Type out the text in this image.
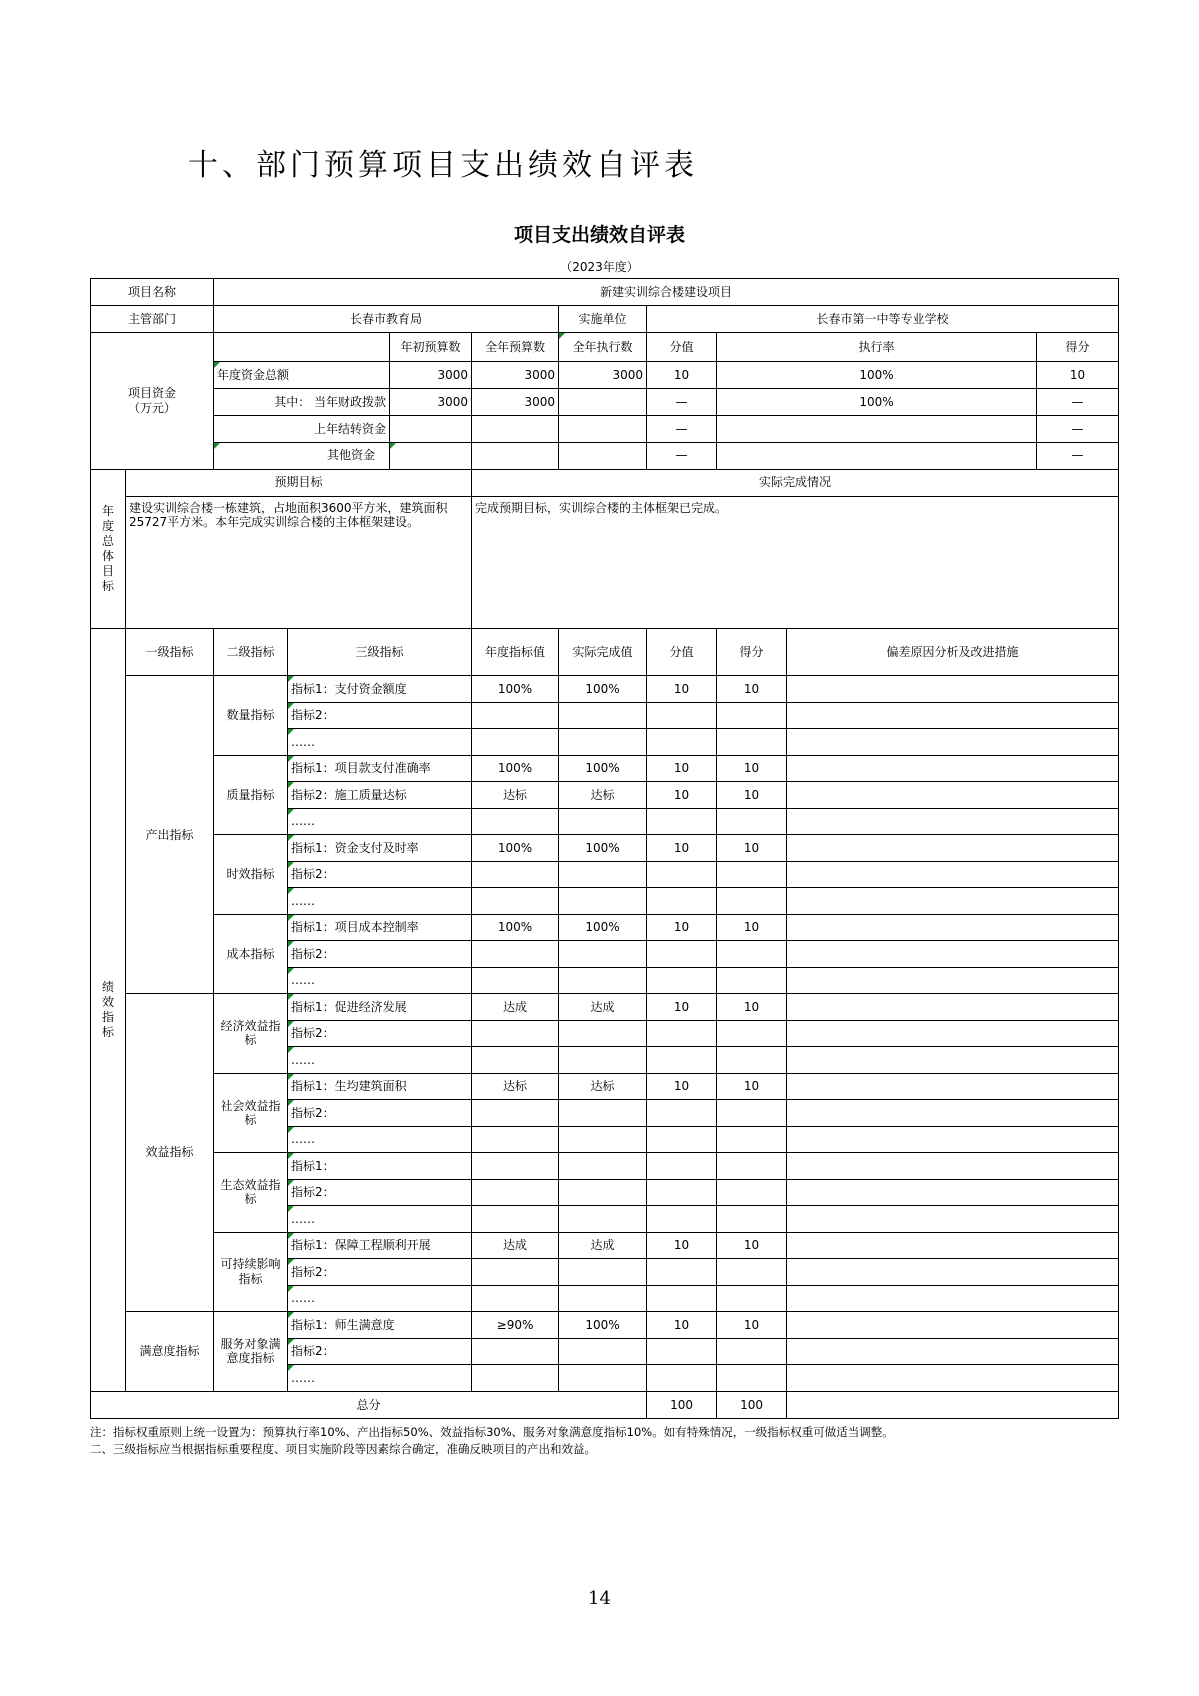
十、部门预算项目支出绩效自评表
项目支出绩效自评表
（2023年度）
项目名称		新建实训综合楼建设项目								
主管部门		长春市教育局				实施单位	长春市第一中等专业学校			

项目资金
（万元）				年初预算数	全年预算数	全年执行数	分值	执行率		得分
		年度资金总额		3000	3000	3000	10	100%		10
		其中： 当年财政拨款		3000	3000		—	100%		—
		上年结转资金					—			—
		其他资金					—			—
年度总体目标	预期目标				实际完成情况					
	建设实训综合楼一栋建筑，占地面积3600平方米，建筑面积25727平方米。本年完成实训综合楼的主体框架建设。				完成预期目标，实训综合楼的主体框架已完成。					
绩效指标	一级指标	二级指标	三级指标		年度指标值	实际完成值	分值	得分	偏差原因分析及改进措施	
	产出指标	数量指标	指标1：支付资金额度		100%	100%	10	10		
			指标2：							
			……							
		质量指标	指标1：项目款支付准确率		100%	100%	10	10		
			指标2：施工质量达标		达标	达标	10	10		
			……							
		时效指标	指标1：资金支付及时率		100%	100%	10	10		
			指标2：							
			……							
		成本指标	指标1：项目成本控制率		100%	100%	10	10		
			指标2：							
			……							
	效益指标	经济效益指标	指标1：促进经济发展		达成	达成	10	10		
			指标2：							
			……							
		社会效益指标	指标1：生均建筑面积		达标	达标	10	10		
			指标2：							
			……							
		生态效益指标	指标1：							
			指标2：							
			……							
		可持续影响指标	指标1：保障工程顺利开展		达成	达成	10	10		
			指标2：							
			……							
	满意度指标	服务对象满意度指标	指标1：师生满意度		≥90%	100%	10	10		
			指标2：							
			……							
总分							100	100		
注：指标权重原则上统一设置为：预算执行率10%、产出指标50%、效益指标30%、服务对象满意度指标10%。如有特殊情况，一级指标权重可做适当调整。
二、三级指标应当根据指标重要程度、项目实施阶段等因素综合确定，准确反映项目的产出和效益。
14
